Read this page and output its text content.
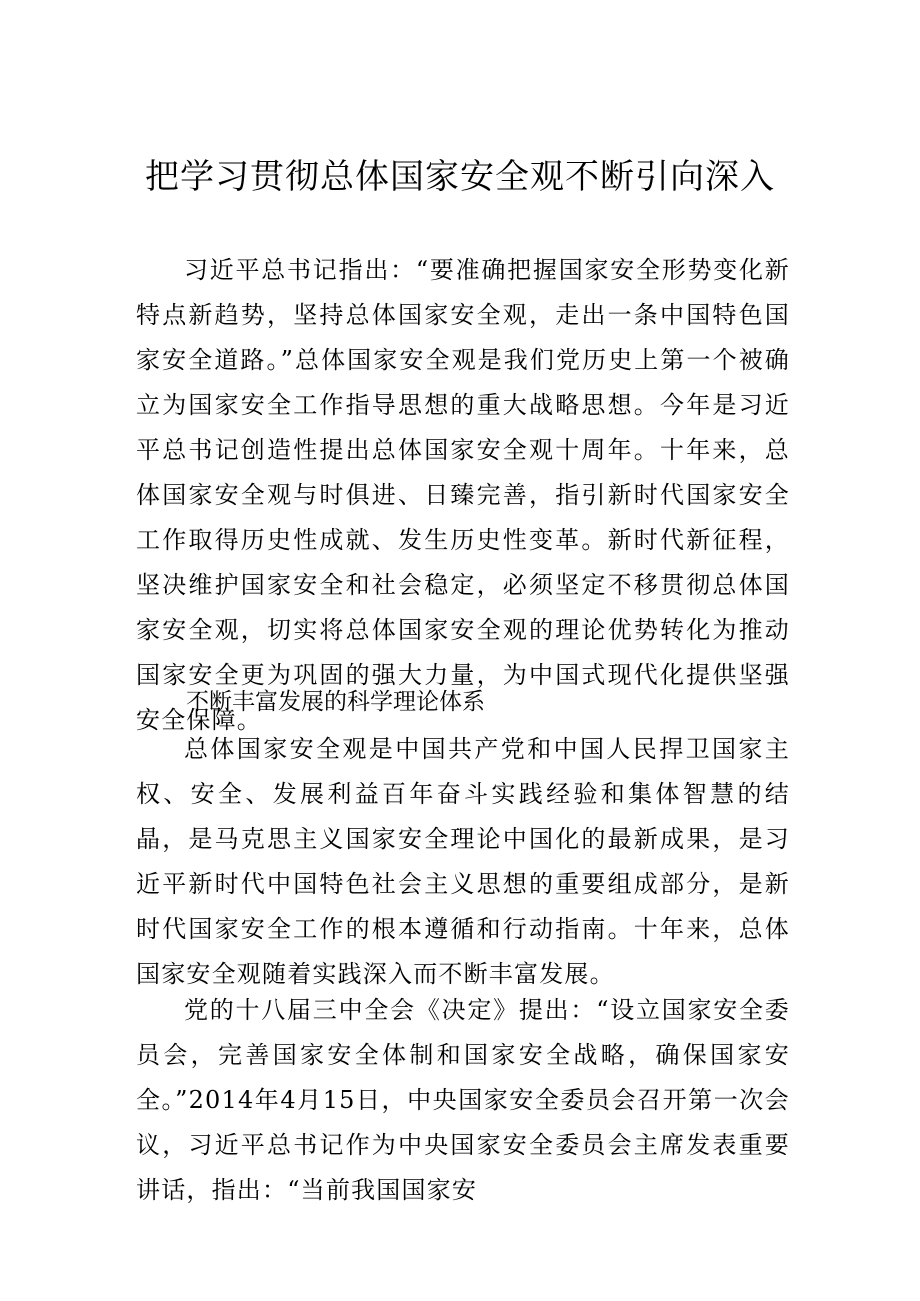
把学习贯彻总体国家安全观不断引向深入

习近平总书记指出：“要准确把握国家安全形势变化新特点新趋势，坚持总体国家安全观，走出一条中国特色国家安全道路。”总体国家安全观是我们党历史上第一个被确立为国家安全工作指导思想的重大战略思想。今年是习近平总书记创造性提出总体国家安全观十周年。十年来，总体国家安全观与时俱进、日臻完善，指引新时代国家安全工作取得历史性成就、发生历史性变革。新时代新征程，坚决维护国家安全和社会稳定，必须坚定不移贯彻总体国家安全观，切实将总体国家安全观的理论优势转化为推动国家安全更为巩固的强大力量，为中国式现代化提供坚强安全保障。

不断丰富发展的科学理论体系

总体国家安全观是中国共产党和中国人民捍卫国家主权、安全、发展利益百年奋斗实践经验和集体智慧的结晶，是马克思主义国家安全理论中国化的最新成果，是习近平新时代中国特色社会主义思想的重要组成部分，是新时代国家安全工作的根本遵循和行动指南。十年来，总体国家安全观随着实践深入而不断丰富发展。

党的十八届三中全会《决定》提出：“设立国家安全委员会，完善国家安全体制和国家安全战略，确保国家安全。”2014年4月15日，中央国家安全委员会召开第一次会议，习近平总书记作为中央国家安全委员会主席发表重要讲话，指出：“当前我国国家安
